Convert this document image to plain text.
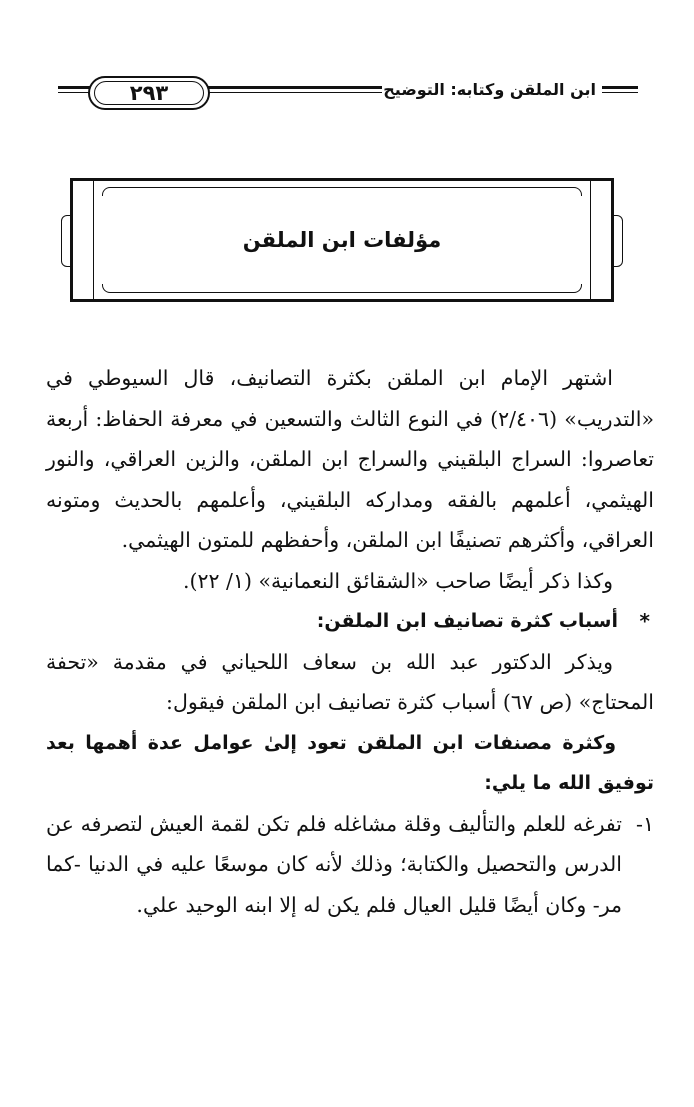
٢٩٣	ابن الملقن وكتابه: التوضيح
مؤلفات ابن الملقن

اشتهر الإمام ابن الملقن بكثرة التصانيف، قال السيوطي في «التدريب» (٢/٤٠٦) في النوع الثالث والتسعين في معرفة الحفاظ: أربعة تعاصروا: السراج البلقيني والسراج ابن الملقن، والزين العراقي، والنور الهيثمي، أعلمهم بالفقه ومداركه البلقيني، وأعلمهم بالحديث ومتونه العراقي، وأكثرهم تصنيفًا ابن الملقن، وأحفظهم للمتون الهيثمي.

وكذا ذكر أيضًا صاحب «الشقائق النعمانية» (١/ ٢٢).

*
أسباب كثرة تصانيف ابن الملقن:

ويذكر الدكتور عبد الله بن سعاف اللحياني في مقدمة «تحفة المحتاج» (ص ٦٧) أسباب كثرة تصانيف ابن الملقن فيقول:

وكثرة مصنفات ابن الملقن تعود إلىٰ عوامل عدة أهمها بعد توفيق الله ما يلي:

١-
تفرغه للعلم والتأليف وقلة مشاغله فلم تكن لقمة العيش لتصرفه عن الدرس والتحصيل والكتابة؛ وذلك لأنه كان موسعًا عليه في الدنيا -كما مر- وكان أيضًا قليل العيال فلم يكن له إلا ابنه الوحيد علي.
